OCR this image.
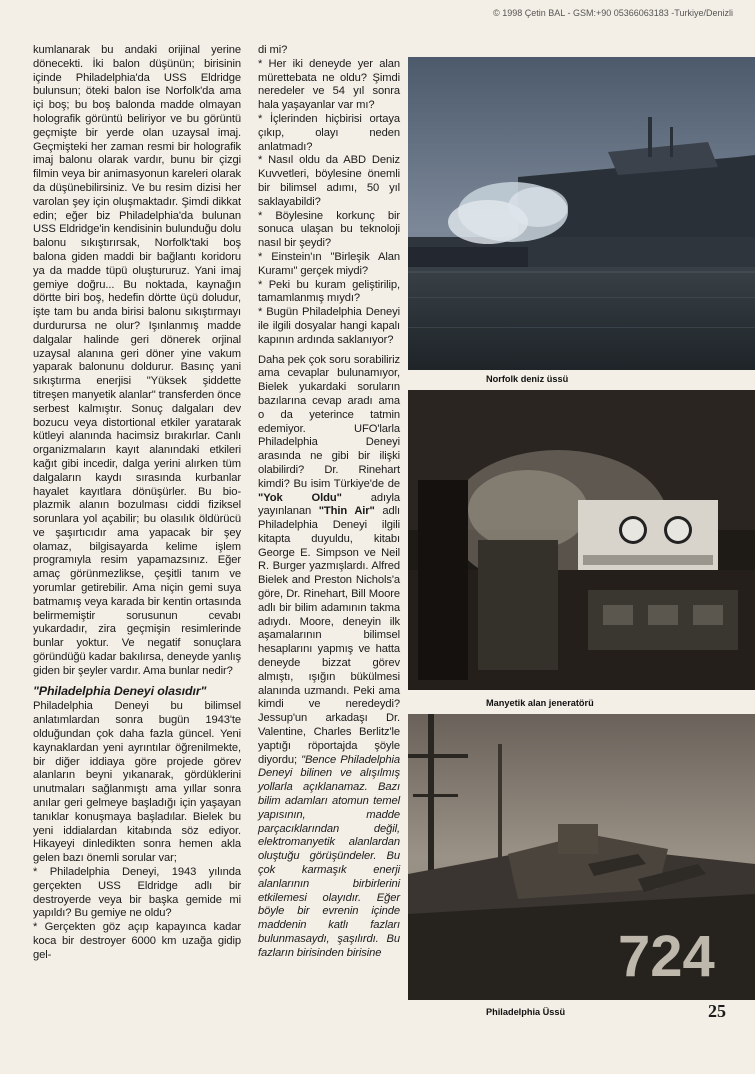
© 1998 Çetin BAL - GSM:+90 05366063183 -Turkiye/Denizli

kumlanarak bu andaki orijinal yerine dönecekti. İki balon düşünün; birisinin içinde Philadelphia'da USS Eldridge bulunsun; öteki balon ise Norfolk'da ama içi boş; bu boş balonda madde olmayan holografik görüntü beliriyor ve bu görüntü geçmişte bir yerde olan uzaysal imaj. Geçmişteki her zaman resmi bir holografik imaj balonu olarak vardır, bunu bir çizgi filmin veya bir animasyonun kareleri olarak da düşünebilirsiniz. Ve bu resim dizisi her varolan şey için oluşmaktadır. Şimdi dikkat edin; eğer biz Philadelphia'da bulunan USS Eldridge'in kendisinin bulunduğu dolu balonu sıkıştırırsak, Norfolk'taki boş balona giden maddi bir bağlantı koridoru ya da madde tüpü oluştururuz. Yani imaj gemiye doğru... Bu noktada, kaynağın dörtte biri boş, hedefin dörtte üçü doludur, işte tam bu anda birisi balonu sıkıştırmayı durdurursa ne olur? Işınlanmış madde dalgalar halinde geri dönerek orjinal uzaysal alanına geri döner yine vakum yaparak balonunu doldurur. Basınç yani sıkıştırma enerjisi "Yüksek şiddette titreşen manyetik alanlar" transferden önce serbest kalmıştır. Sonuç dalgaları dev bozucu veya distortional etkiler yaratarak kütleyi alanında hacimsiz bırakırlar. Canlı organizmaların kayıt alanındaki etkileri kağıt gibi incedir, dalga yerini alırken tüm dalgaların kaydı sırasında kurbanlar hayalet kayıtlara dönüşürler. Bu bio-plazmik alanın bozulması ciddi fiziksel sorunlara yol açabilir; bu olasılık öldürücü ve şaşırtıcıdır ama yapacak bir şey olamaz, bilgisayarda kelime işlem programıyla resim yapamazsınız. Eğer amaç görünmezlikse, çeşitli tanım ve yorumlar getirebilir. Ama niçin gemi suya batmamış veya karada bir kentin ortasında belirmemiştir sorusunun cevabı yukardadır, zira geçmişin resimlerinde bunlar yoktur. Ve negatif sonuçlara göründüğü kadar bakılırsa, deneyde yanlış giden bir şeyler vardır. Ama bunlar nedir?

"Philadelphia Deneyi olasıdır"

Philadelphia Deneyi bu bilimsel anlatımlardan sonra bugün 1943'te olduğundan çok daha fazla güncel. Yeni kaynaklardan yeni ayrıntılar öğrenilmekte, bir diğer iddiaya göre projede görev alanların beyni yıkanarak, gördüklerini unutmaları sağlanmıştı ama yıllar sonra anılar geri gelmeye başladığı için yaşayan tanıklar konuşmaya başladılar. Bielek bu yeni iddialardan kitabında söz ediyor. Hikayeyi dinledikten sonra hemen akla gelen bazı önemli sorular var;

* Philadelphia Deneyi, 1943 yılında gerçekten USS Eldridge adlı bir destroyerde veya bir başka gemide mi yapıldı? Bu gemiye ne oldu?

* Gerçekten göz açıp kapayınca kadar koca bir destroyer 6000 km uzağa gidip gel-

di mi?

* Her iki deneyde yer alan mürettebata ne oldu? Şimdi neredeler ve 54 yıl sonra hala yaşayanlar var mı?

* İçlerinden hiçbirisi ortaya çıkıp, olayı neden anlatmadı?

* Nasıl oldu da ABD Deniz Kuvvetleri, böylesine önemli bir bilimsel adımı, 50 yıl saklayabildi?

* Böylesine korkunç bir sonuca ulaşan bu teknoloji nasıl bir şeydi?

* Einstein'ın "Birleşik Alan Kuramı" gerçek miydi?

* Peki bu kuram geliştirilip, tamamlanmış mıydı?

* Bugün Philadelphia Deneyi ile ilgili dosyalar hangi kapalı kapının ardında saklanıyor?

Daha pek çok soru sorabiliriz ama cevaplar bulunamıyor, Bielek yukardaki soruların bazılarına cevap aradı ama o da yeterince tatmin edemiyor. UFO'larla Philadelphia Deneyi arasında ne gibi bir ilişki olabilirdi? Dr. Rinehart kimdi? Bu isim Türkiye'de de "Yok Oldu" adıyla yayınlanan "Thin Air" adlı Philadelphia Deneyi ilgili kitapta duyuldu, kitabı George E. Simpson ve Neil R. Burger yazmışlardı. Alfred Bielek and Preston Nichols'a göre, Dr. Rinehart, Bill Moore adlı bir bilim adamının takma adıydı. Moore, deneyin ilk aşamalarının bilimsel hesaplarını yapmış ve hatta deneyde bizzat görev almıştı, ışığın bükülmesi alanında uzmandı. Peki ama kimdi ve neredeydi? Jessup'un arkadaşı Dr. Valentine, Charles Berlitz'le yaptığı röportajda şöyle diyordu; "Bence Philadelphia Deneyi bilinen ve alışılmış yollarla açıklanamaz. Bazı bilim adamları atomun temel yapısının, madde parçacıklarından değil, elektromanyetik alanlardan oluştuğu görüşündeler. Bu çok karmaşık enerji alanlarının birbirlerini etkilemesi olayıdır. Eğer böyle bir evrenin içinde maddenin katlı fazları bulunmasaydı, şaşılırdı. Bu fazların birisinden birisine

Norfolk deniz üssü
Manyetik alan jeneratörü
724
Philadelphia Üssü	25
